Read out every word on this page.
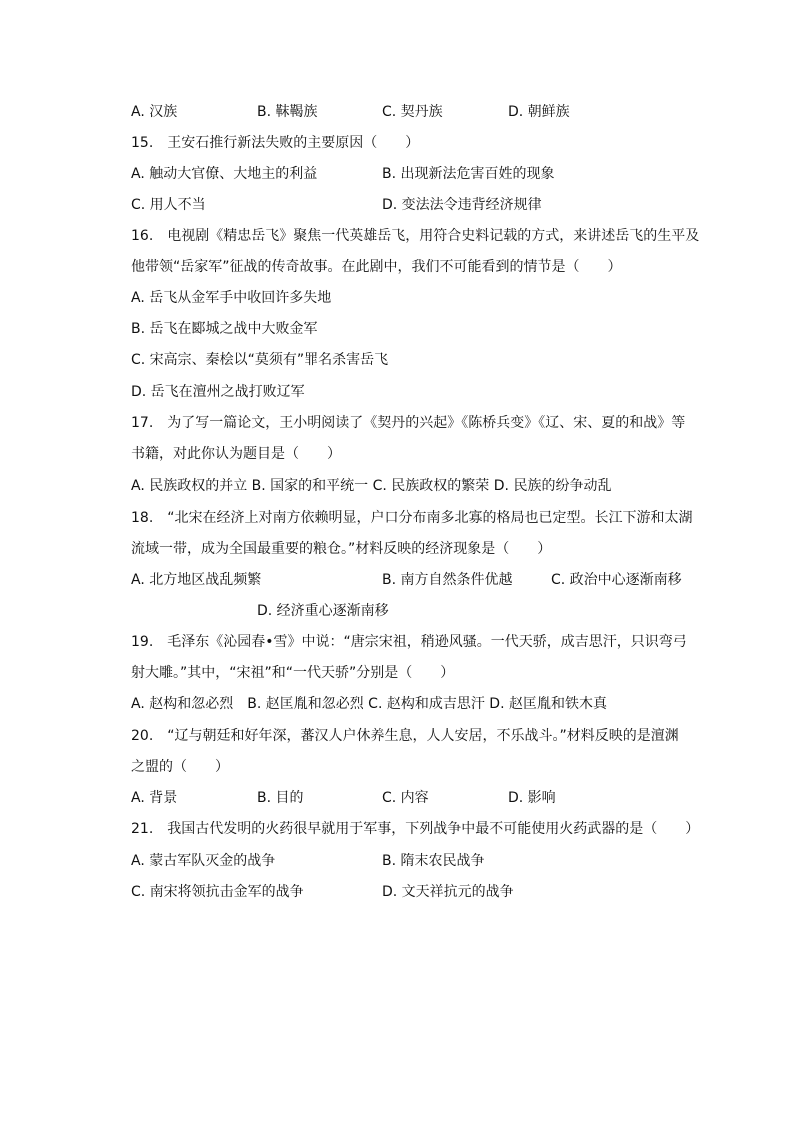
A. 汉族	B. 靺鞨族	C. 契丹族	D. 朝鲜族
15.　王安石推行新法失败的主要原因（　　）
A. 触动大官僚、大地主的利益	B. 出现新法危害百姓的现象
C. 用人不当	D. 变法法令违背经济规律
16.　电视剧《精忠岳飞》聚焦一代英雄岳飞，用符合史料记载的方式，来讲述岳飞的生平及
他带领“岳家军”征战的传奇故事。在此剧中，我们不可能看到的情节是（　　）
A. 岳飞从金军手中收回许多失地
B. 岳飞在郾城之战中大败金军
C. 宋高宗、秦桧以“莫须有”罪名杀害岳飞
D. 岳飞在澶州之战打败辽军
17.　为了写一篇论文，王小明阅读了《契丹的兴起》《陈桥兵变》《辽、宋、夏的和战》等
书籍，对此你认为题目是（　　）
A. 民族政权的并立 B. 国家的和平统一 C. 民族政权的繁荣 D. 民族的纷争动乱
18.　“北宋在经济上对南方依赖明显，户口分布南多北寡的格局也已定型。长江下游和太湖
流域一带，成为全国最重要的粮仓。”材料反映的经济现象是（　　）
A. 北方地区战乱频繁	B. 南方自然条件优越	C. 政治中心逐渐南移
D. 经济重心逐渐南移
19.　毛泽东《沁园春•雪》中说：“唐宗宋祖，稍逊风骚。一代天骄，成吉思汗，只识弯弓
射大雕。”其中，“宋祖”和“一代天骄”分别是（　　）
A. 赵构和忽必烈　B. 赵匡胤和忽必烈 C. 赵构和成吉思汗 D. 赵匡胤和铁木真
20.　“辽与朝廷和好年深，蕃汉人户休养生息，人人安居，不乐战斗。”材料反映的是澶渊
之盟的（　　）
A. 背景	B. 目的	C. 内容	D. 影响
21.　我国古代发明的火药很早就用于军事，下列战争中最不可能使用火药武器的是（　　）
A. 蒙古军队灭金的战争	B. 隋末农民战争
C. 南宋将领抗击金军的战争	D. 文天祥抗元的战争
